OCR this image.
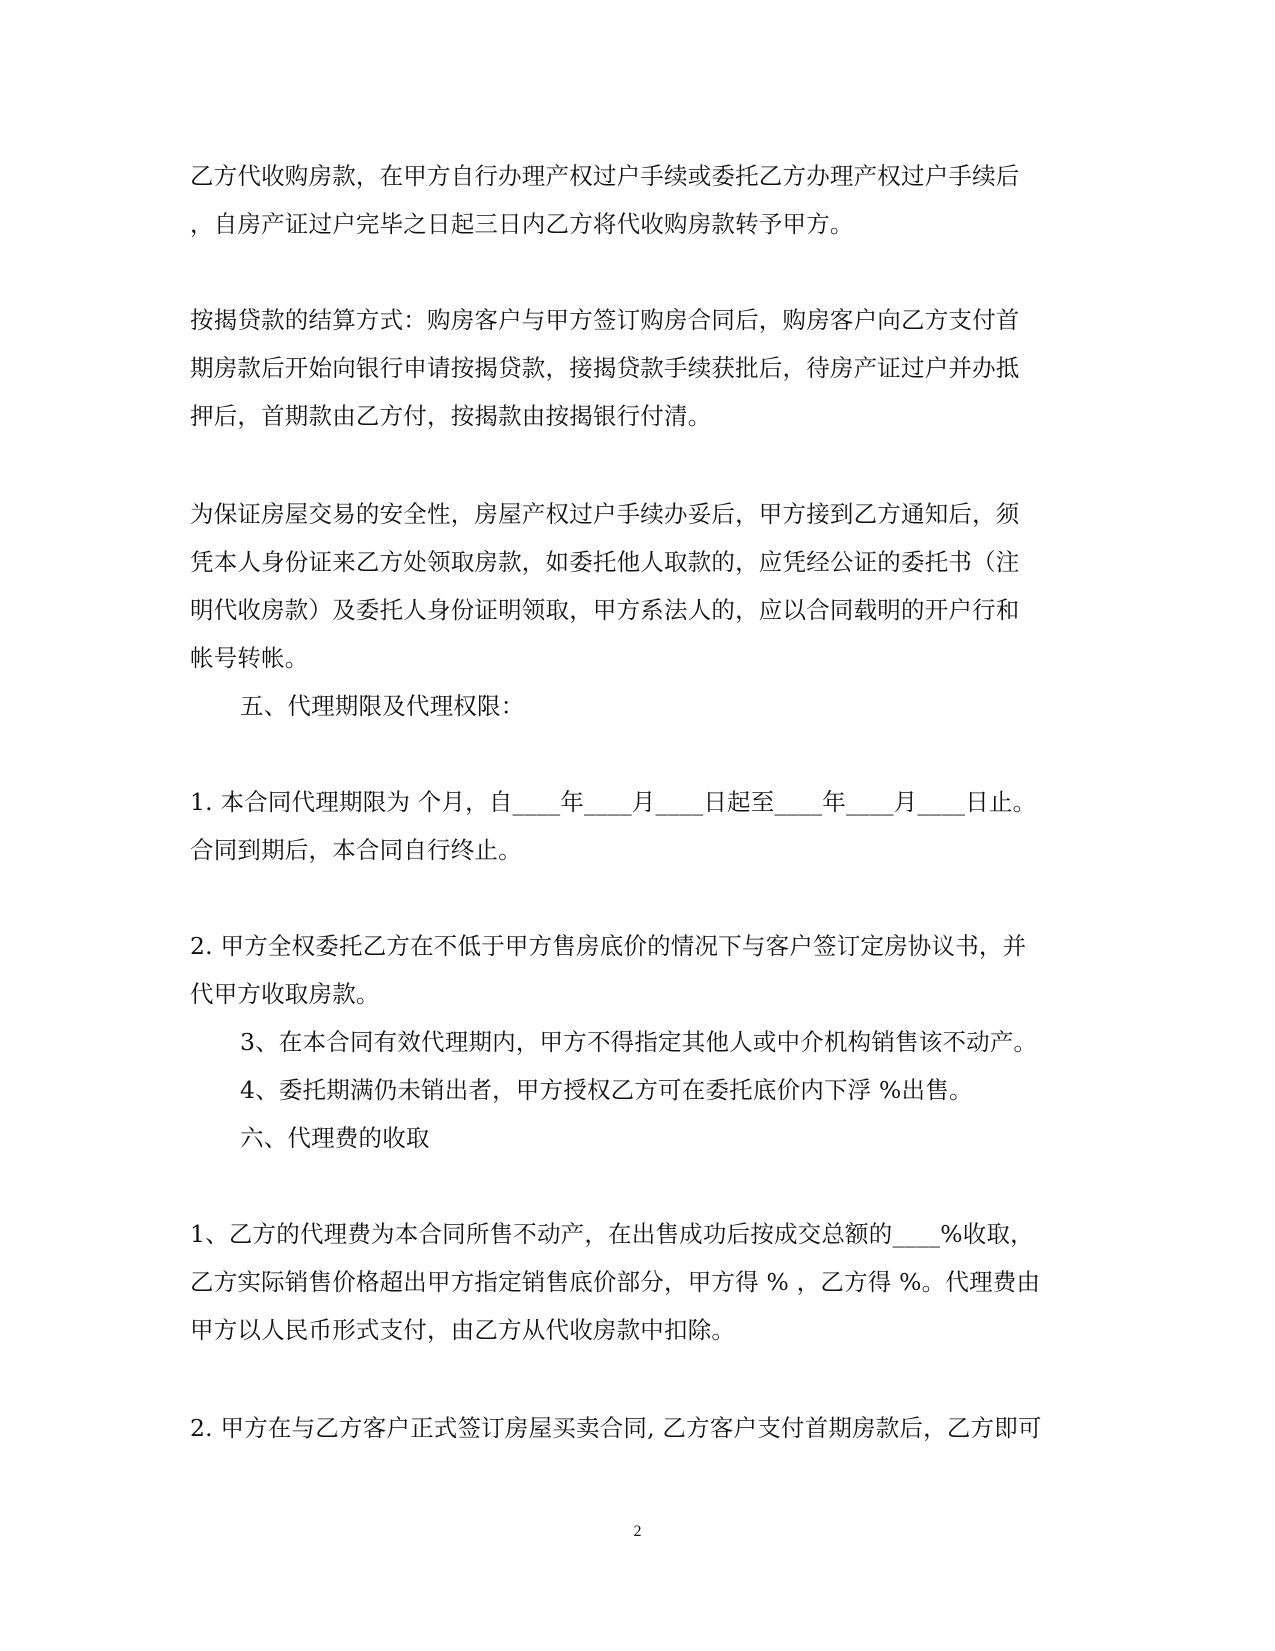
乙方代收购房款，在甲方自行办理产权过户手续或委托乙方办理产权过户手续后
，自房产证过户完毕之日起三日内乙方将代收购房款转予甲方。
按揭贷款的结算方式：购房客户与甲方签订购房合同后，购房客户向乙方支付首
期房款后开始向银行申请按揭贷款，接揭贷款手续获批后，待房产证过户并办抵
押后，首期款由乙方付，按揭款由按揭银行付清。
为保证房屋交易的安全性，房屋产权过户手续办妥后，甲方接到乙方通知后，须
凭本人身份证来乙方处领取房款，如委托他人取款的，应凭经公证的委托书（注
明代收房款）及委托人身份证明领取，甲方系法人的，应以合同载明的开户行和
帐号转帐。
五、代理期限及代理权限：
1. 本合同代理期限为 个月，自____年____月____日起至____年____月____日止。
合同到期后，本合同自行终止。
2. 甲方全权委托乙方在不低于甲方售房底价的情况下与客户签订定房协议书，并
代甲方收取房款。
3、在本合同有效代理期内，甲方不得指定其他人或中介机构销售该不动产。
4、委托期满仍未销出者，甲方授权乙方可在委托底价内下浮 %出售。
六、代理费的收取
1、乙方的代理费为本合同所售不动产，在出售成功后按成交总额的____%收取，
乙方实际销售价格超出甲方指定销售底价部分，甲方得 % ，乙方得 %。代理费由
甲方以人民币形式支付，由乙方从代收房款中扣除。
2. 甲方在与乙方客户正式签订房屋买卖合同, 乙方客户支付首期房款后，乙方即可
2
